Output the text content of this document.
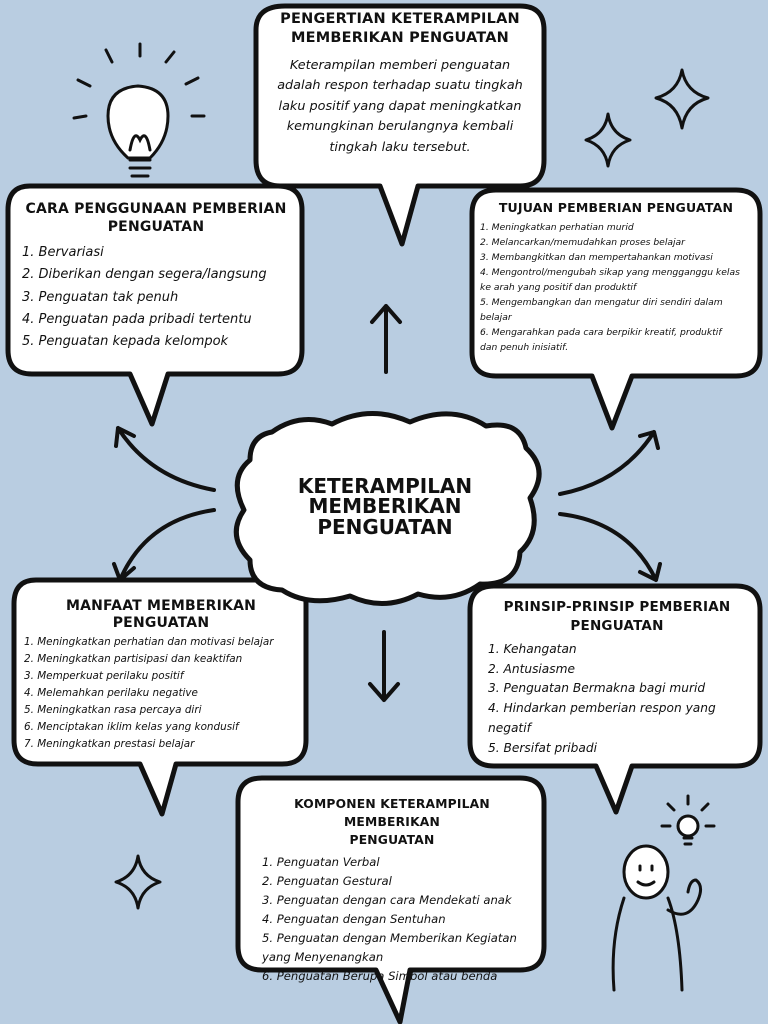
PENGERTIAN KETERAMPILAN
MEMBERIKAN PENGUATAN
Keterampilan memberi penguatan
adalah respon terhadap suatu tingkah
laku positif yang dapat meningkatkan
kemungkinan berulangnya kembali
tingkah laku tersebut.
CARA PENGGUNAAN PEMBERIAN
PENGUATAN
1. Bervariasi
2. Diberikan dengan segera/langsung
3. Penguatan tak penuh
4. Penguatan pada pribadi tertentu
5. Penguatan kepada kelompok
TUJUAN PEMBERIAN PENGUATAN
1. Meningkatkan perhatian murid
2. Melancarkan/memudahkan proses belajar
3. Membangkitkan dan mempertahankan motivasi
4. Mengontrol/mengubah sikap yang mengganggu kelas
ke arah yang positif dan produktif
5. Mengembangkan dan mengatur diri sendiri dalam
belajar
6. Mengarahkan pada cara berpikir kreatif, produktif
dan penuh inisiatif.
KETERAMPILAN
MEMBERIKAN
PENGUATAN
MANFAAT MEMBERIKAN
PENGUATAN
1. Meningkatkan perhatian dan motivasi belajar
2. Meningkatkan partisipasi dan keaktifan
3. Memperkuat perilaku positif
4. Melemahkan perilaku negative
5. Meningkatkan rasa percaya diri
6. Menciptakan iklim kelas yang kondusif
7. Meningkatkan prestasi belajar
PRINSIP-PRINSIP PEMBERIAN
PENGUATAN
1. Kehangatan
2. Antusiasme
3. Penguatan Bermakna bagi murid
4. Hindarkan pemberian respon yang
negatif
5. Bersifat pribadi
KOMPONEN KETERAMPILAN MEMBERIKAN
PENGUATAN
1. Penguatan Verbal
2. Penguatan Gestural
3. Penguatan dengan cara Mendekati anak
4. Penguatan dengan Sentuhan
5. Penguatan dengan Memberikan Kegiatan
yang Menyenangkan
6. Penguatan Berupa Simbol atau benda
